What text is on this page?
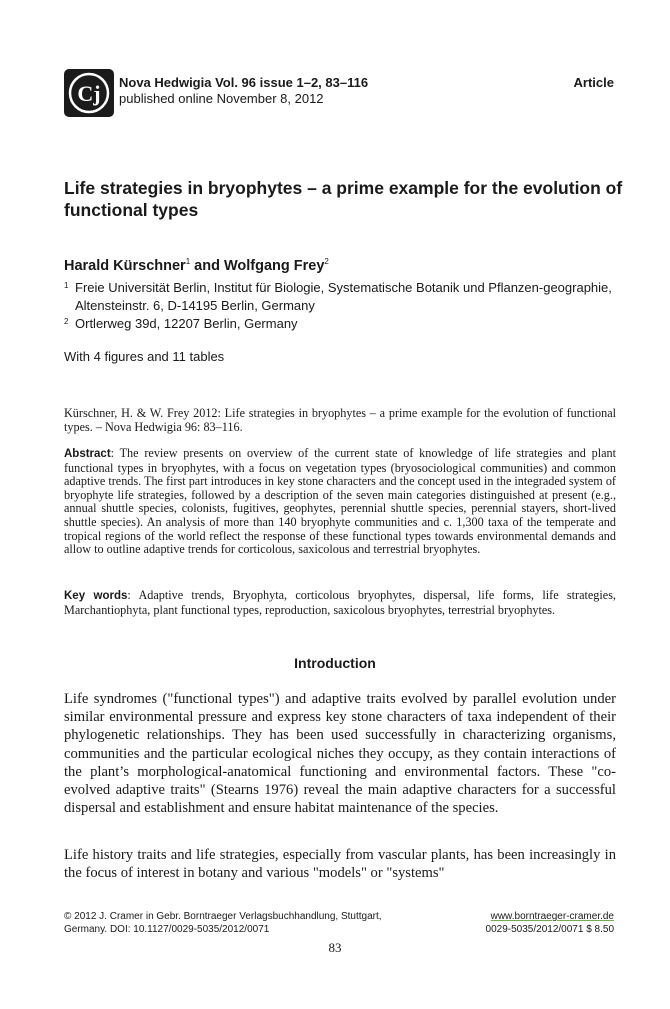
Cj Nova Hedwigia Vol. 96 issue 1–2, 83–116
published online November 8, 2012
Article
Life strategies in bryophytes – a prime example for the evolution of functional types
Harald Kürschner$^1$ and Wolfgang Frey$^2$
1 Freie Universität Berlin, Institut für Biologie, Systematische Botanik und Pflanzen-geographie, Altensteinstr. 6, D-14195 Berlin, Germany
2 Ortlerweg 39d, 12207 Berlin, Germany
With 4 figures and 11 tables
Kürschner, H. & W. Frey 2012: Life strategies in bryophytes – a prime example for the evolution of functional types. – Nova Hedwigia 96: 83–116.
Abstract: The review presents on overview of the current state of knowledge of life strategies and plant functional types in bryophytes, with a focus on vegetation types (bryosociological communities) and common adaptive trends. The first part introduces in key stone characters and the concept used in the integraded system of bryophyte life strategies, followed by a description of the seven main categories distinguished at present (e.g., annual shuttle species, colonists, fugitives, geophytes, perennial shuttle species, perennial stayers, short-lived shuttle species). An analysis of more than 140 bryophyte communities and c. 1,300 taxa of the temperate and tropical regions of the world reflect the response of these functional types towards environmental demands and allow to outline adaptive trends for corticolous, saxicolous and terrestrial bryophytes.
Key words: Adaptive trends, Bryophyta, corticolous bryophytes, dispersal, life forms, life strategies, Marchantiophyta, plant functional types, reproduction, saxicolous bryophytes, terrestrial bryophytes.
Introduction
Life syndromes ("functional types") and adaptive traits evolved by parallel evolution under similar environmental pressure and express key stone characters of taxa independent of their phylogenetic relationships. They has been used successfully in characterizing organisms, communities and the particular ecological niches they occupy, as they contain interactions of the plant’s morphological-anatomical functioning and environmental factors. These "co-evolved adaptive traits" (Stearns 1976) reveal the main adaptive characters for a successful dispersal and establishment and ensure habitat maintenance of the species.
Life history traits and life strategies, especially from vascular plants, has been increasingly in the focus of interest in botany and various "models" or "systems"
© 2012 J. Cramer in Gebr. Borntraeger Verlagsbuchhandlung, Stuttgart,
Germany. DOI: 10.1127/0029-5035/2012/0071
www.borntraeger-cramer.de
0029-5035/2012/0071 $ 8.50
83
